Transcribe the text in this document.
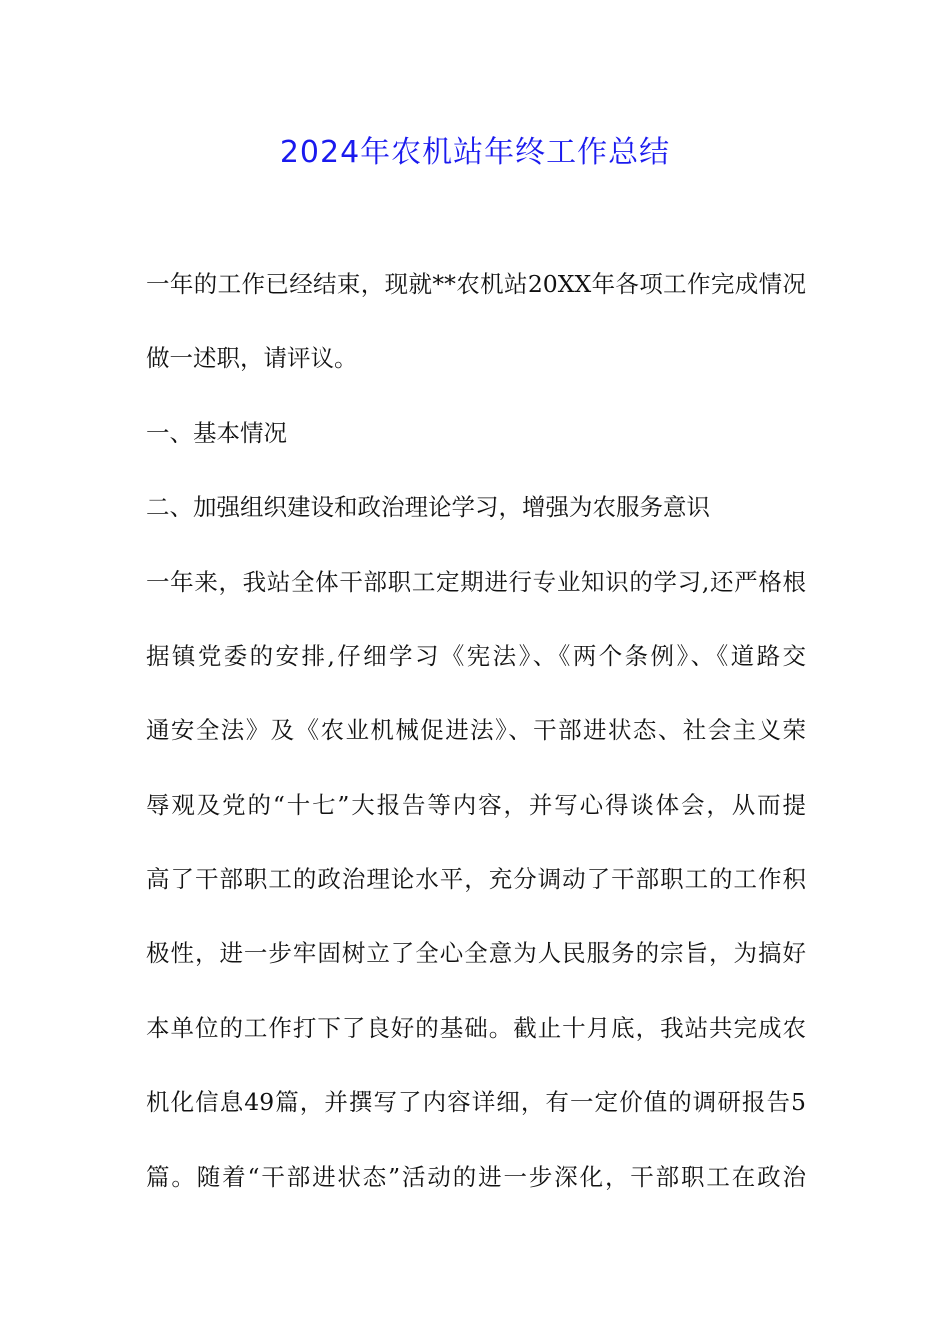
2024年农机站年终工作总结

一年的工作已经结束，现就**农机站20XX年各项工作完成情况

做一述职，请评议。

一、基本情况

二、加强组织建设和政治理论学习，增强为农服务意识

一年来，我站全体干部职工定期进行专业知识的学习,还严格根

据镇党委的安排,仔细学习《宪法》、《两个条例》、《道路交

通安全法》及《农业机械促进法》、干部进状态、社会主义荣

辱观及党的“十七”大报告等内容，并写心得谈体会，从而提

高了干部职工的政治理论水平，充分调动了干部职工的工作积

极性，进一步牢固树立了全心全意为人民服务的宗旨，为搞好

本单位的工作打下了良好的基础。截止十月底，我站共完成农

机化信息49篇，并撰写了内容详细，有一定价值的调研报告5

篇。随着“干部进状态”活动的进一步深化，干部职工在政治
